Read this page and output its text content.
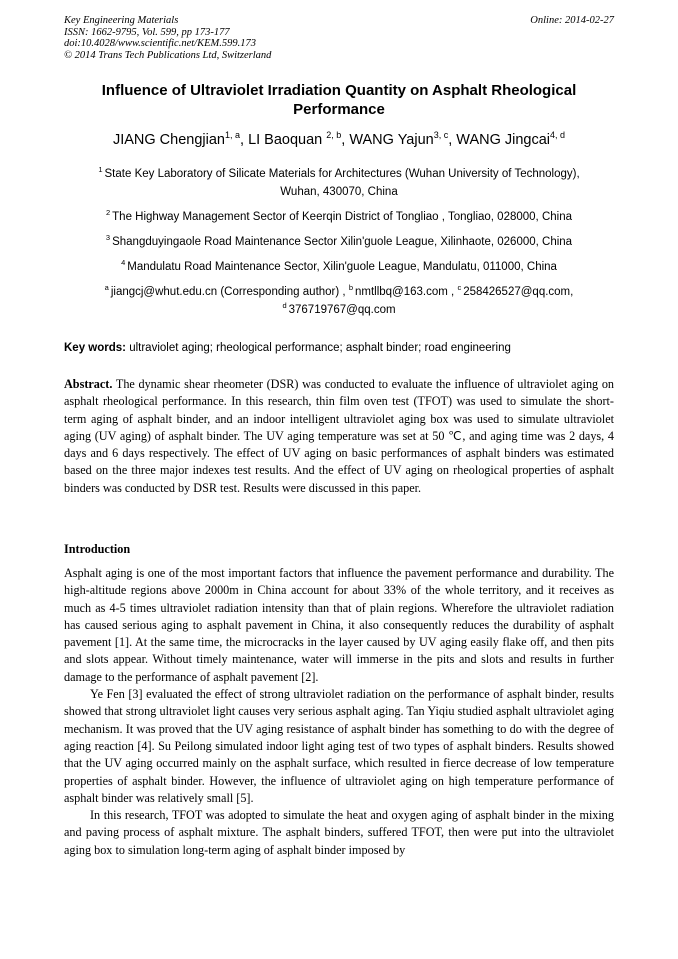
Key Engineering Materials
ISSN: 1662-9795, Vol. 599, pp 173-177
doi:10.4028/www.scientific.net/KEM.599.173
© 2014 Trans Tech Publications Ltd, Switzerland
Online: 2014-02-27
Influence of Ultraviolet Irradiation Quantity on Asphalt Rheological Performance
JIANG Chengjian$^{1, a}$, LI Baoquan $^{2, b}$, WANG Yajun$^{3, c}$, WANG Jingcai$^{4, d}$
$^1$ State Key Laboratory of Silicate Materials for Architectures (Wuhan University of Technology),
Wuhan, 430070, China
$^2$ The Highway Management Sector of Keerqin District of Tongliao , Tongliao, 028000, China
$^3$ Shangduyingaole Road Maintenance Sector Xilin'guole League, Xilinhaote, 026000, China
$^4$ Mandulatu Road Maintenance Sector, Xilin'guole League, Mandulatu, 011000, China
$^a$ jiangcj@whut.edu.cn (Corresponding author) , $^b$ nmtllbq@163.com , $^c$ 258426527@qq.com,
$^d$ 376719767@qq.com
Key words: ultraviolet aging; rheological performance; asphalt binder; road engineering

Abstract. The dynamic shear rheometer (DSR) was conducted to evaluate the influence of ultraviolet aging on asphalt rheological performance. In this research, thin film oven test (TFOT) was used to simulate the short-term aging of asphalt binder, and an indoor intelligent ultraviolet aging box was used to simulate ultraviolet aging (UV aging) of asphalt binder. The UV aging temperature was set at 50 ℃, and aging time was 2 days, 4 days and 6 days respectively. The effect of UV aging on basic performances of asphalt binders was estimated based on the three major indexes test results. And the effect of UV aging on rheological properties of asphalt binders was conducted by DSR test. Results were discussed in this paper.

Introduction

Asphalt aging is one of the most important factors that influence the pavement performance and durability. The high-altitude regions above 2000m in China account for about 33% of the whole territory, and it receives as much as 4-5 times ultraviolet radiation intensity than that of plain regions. Wherefore the ultraviolet radiation has caused serious aging to asphalt pavement in China, it also consequently reduces the durability of asphalt pavement [1]. At the same time, the microcracks in the layer caused by UV aging easily flake off, and then pits and slots appear. Without timely maintenance, water will immerse in the pits and slots and results in further damage to the performance of asphalt pavement [2].

Ye Fen [3] evaluated the effect of strong ultraviolet radiation on the performance of asphalt binder, results showed that strong ultraviolet light causes very serious asphalt aging. Tan Yiqiu studied asphalt ultraviolet aging mechanism. It was proved that the UV aging resistance of asphalt binder has something to do with the degree of aging reaction [4]. Su Peilong simulated indoor light aging test of two types of asphalt binders. Results showed that the UV aging occurred mainly on the asphalt surface, which resulted in fierce decrease of low temperature properties of asphalt binder. However, the influence of ultraviolet aging on high temperature performance of asphalt binder was relatively small [5].

In this research, TFOT was adopted to simulate the heat and oxygen aging of asphalt binder in the mixing and paving process of asphalt mixture. The asphalt binders, suffered TFOT, then were put into the ultraviolet aging box to simulation long-term aging of asphalt binder imposed by
